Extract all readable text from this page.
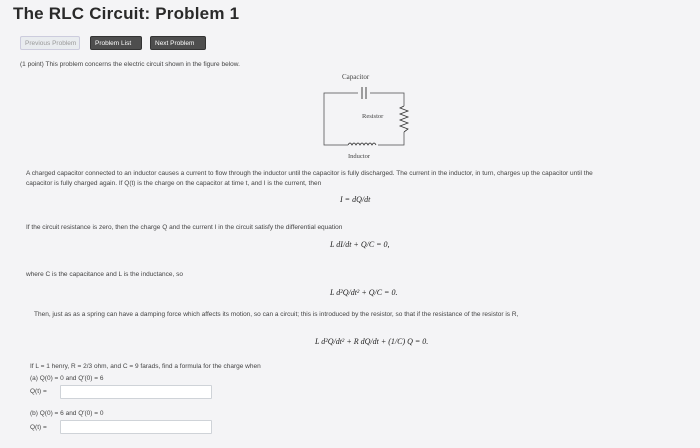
The RLC Circuit: Problem 1
Previous Problem	Problem List	Next Problem
(1 point) This problem concerns the electric circuit shown in the figure below.
Capacitor
Resistor
Inductor
A charged capacitor connected to an inductor causes a current to flow through the inductor until the capacitor is fully discharged. The current in the inductor, in turn, charges up the capacitor until the
capacitor is fully charged again. If Q(t) is the charge on the capacitor at time t, and I is the current, then
I = dQ/dt
If the circuit resistance is zero, then the charge Q and the current I in the circuit satisfy the differential equation
L dI/dt + Q/C = 0,
where C is the capacitance and L is the inductance, so
L d²Q/dt² + Q/C = 0.
Then, just as as a spring can have a damping force which affects its motion, so can a circuit; this is introduced by the resistor, so that if the resistance of the resistor is R,
L d²Q/dt² + R dQ/dt + (1/C) Q = 0.
If L = 1 henry, R = 2/3 ohm, and C = 9 farads, find a formula for the charge when
(a) Q(0) = 0 and Q′(0) = 6
Q(t) =
(b) Q(0) = 6 and Q′(0) = 0
Q(t) =
